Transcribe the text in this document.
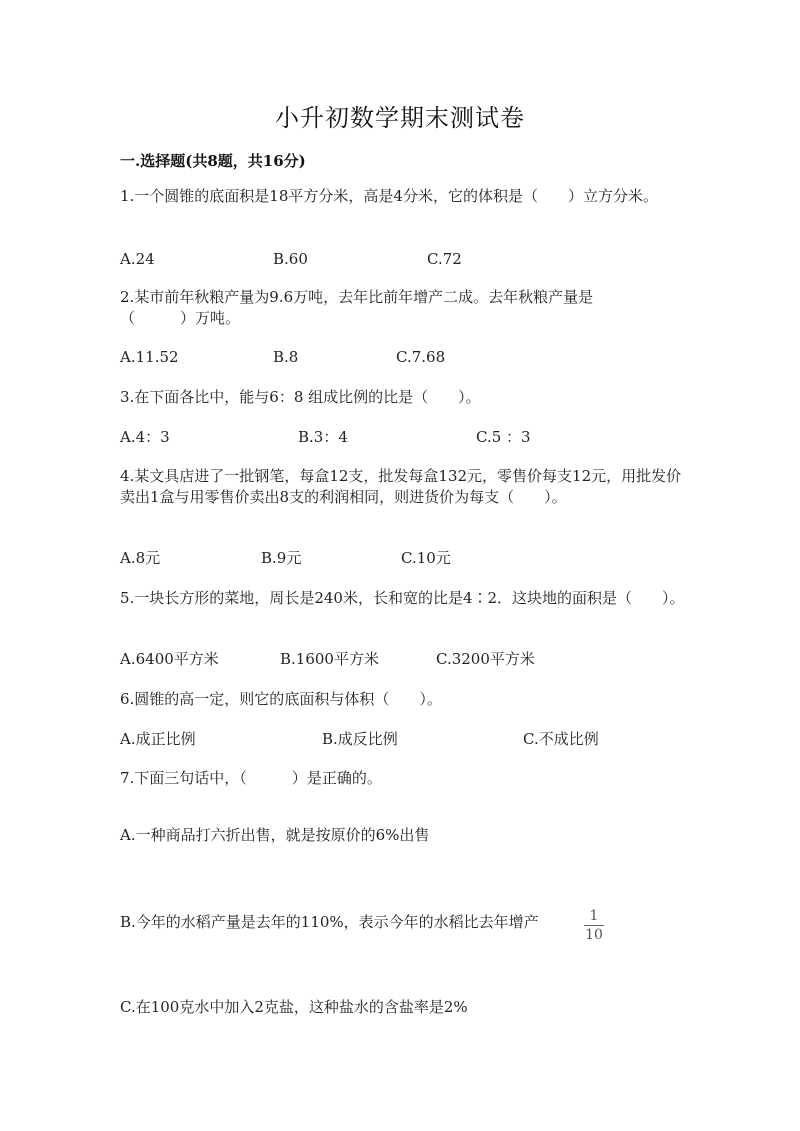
小升初数学期末测试卷
一.选择题(共8题，共16分)
1.一个圆锥的底面积是18平方分米，高是4分米，它的体积是（　　）立方分米。
A.24	B.60	C.72
2.某市前年秋粮产量为9.6万吨，去年比前年增产二成。去年秋粮产量是（　　　）万吨。
A.11.52	B.8	C.7.68
3.在下面各比中，能与6：8 组成比例的比是（　　）。
A.4：3	B.3：4	C.5 ：3
4.某文具店进了一批钢笔，每盒12支，批发每盒132元，零售价每支12元，用批发价卖出1盒与用零售价卖出8支的利润相同，则进货价为每支（　　）。
A.8元	B.9元	C.10元
5.一块长方形的菜地，周长是240米，长和宽的比是4∶2．这块地的面积是（　　）。
A.6400平方米	B.1600平方米	C.3200平方米
6.圆锥的高一定，则它的底面积与体积（　　）。
A.成正比例	B.成反比例	C.不成比例
7.下面三句话中，（　　　）是正确的。
A.一种商品打六折出售，就是按原价的6%出售
B.今年的水稻产量是去年的110%，表示今年的水稻比去年增产	1
10
C.在100克水中加入2克盐，这种盐水的含盐率是2%
